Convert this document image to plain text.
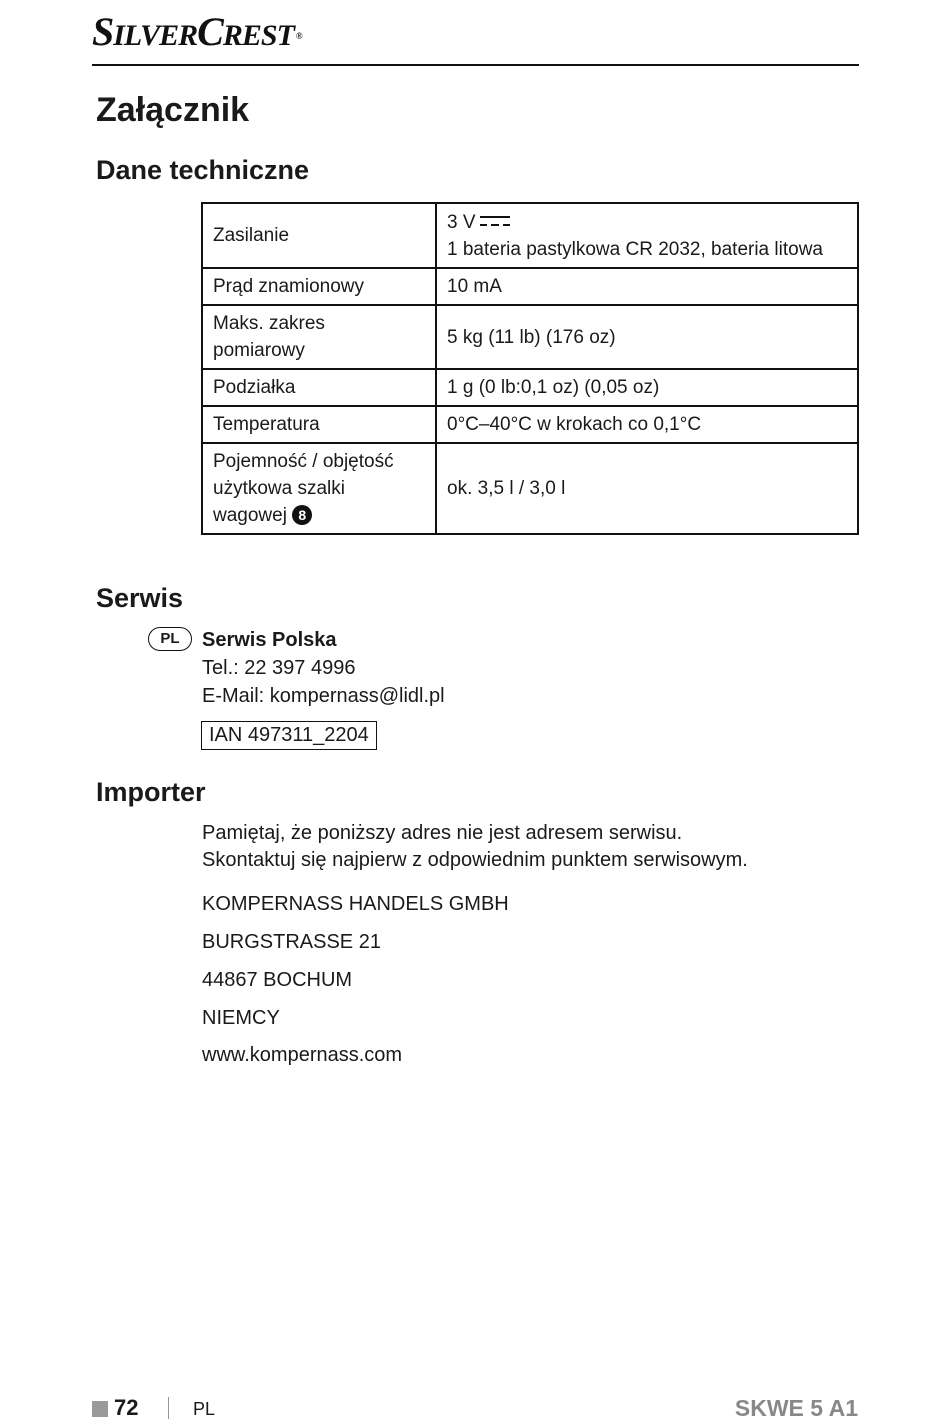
SILVERCREST ®
Załącznik
Dane techniczne
Zasilanie	3 V
1 bateria pastylkowa CR 2032, bateria litowa
Prąd znamionowy	10 mA
Maks. zakres
pomiarowy	5 kg (11 lb) (176 oz)
Podziałka	1 g (0 lb:0,1 oz) (0,05 oz)
Temperatura	0°C–40°C w krokach co 0,1°C
Pojemność / objętość
użytkowa szalki
wagowej 8	ok. 3,5 l / 3,0 l
Serwis
PL	Serwis Polska
Tel.: 22 397 4996
E-Mail: kompernass@lidl.pl
IAN 497311_2204
Importer
Pamiętaj, że poniższy adres nie jest adresem serwisu.
Skontaktuj się najpierw z odpowiednim punktem serwisowym.
KOMPERNASS HANDELS GMBH
BURGSTRASSE 21
44867 BOCHUM
NIEMCY
www.kompernass.com
72	PL	SKWE 5 A1
